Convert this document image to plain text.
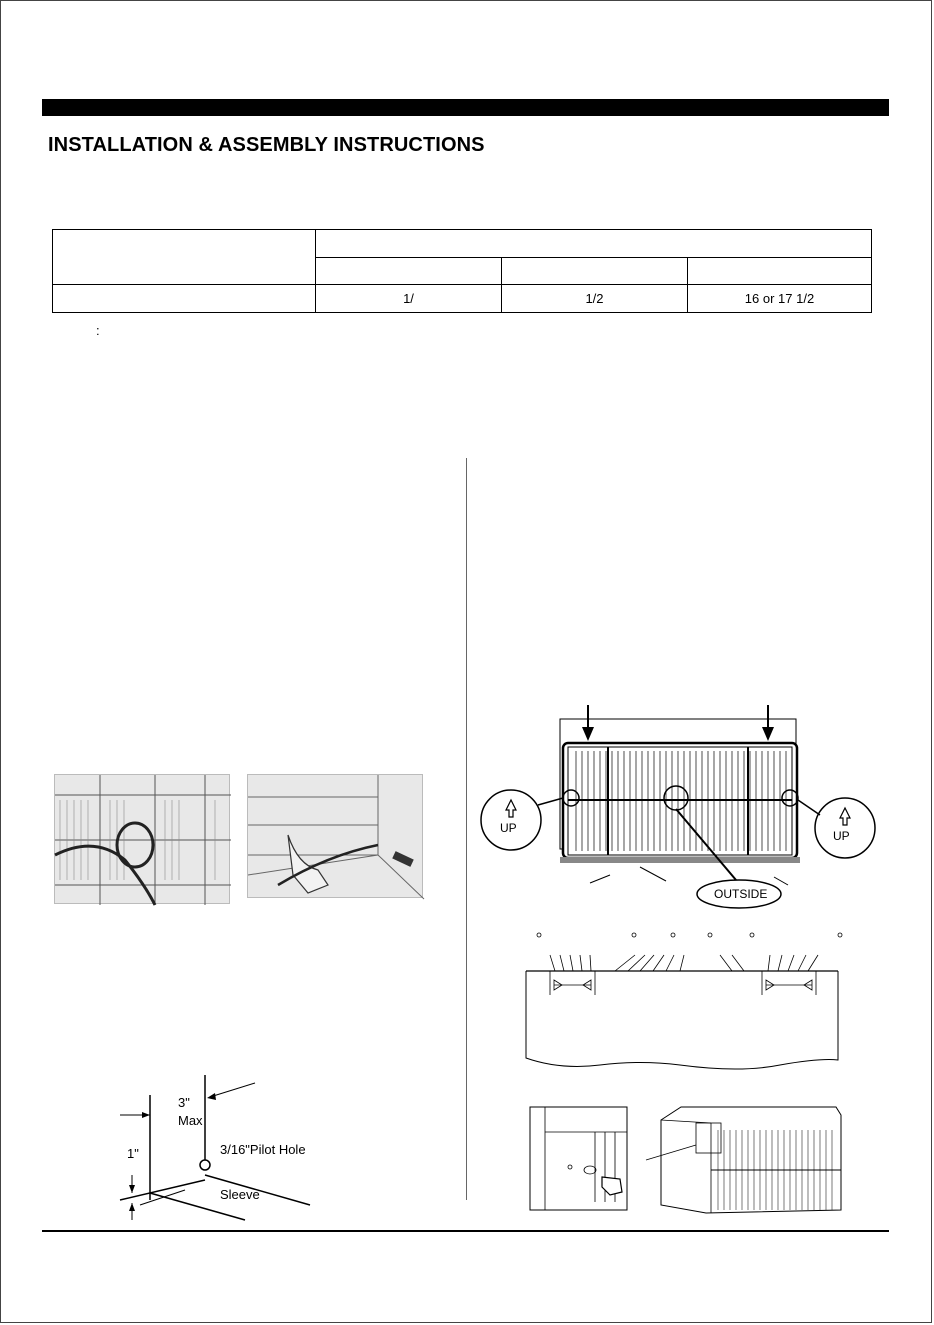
INSTALLATION & ASSEMBLY INSTRUCTIONS

	1/	1/2	16 or 17 1/2
:
3"
Max
3/16"Pilot Hole
1"
Sleeve
UP
UP
OUTSIDE
